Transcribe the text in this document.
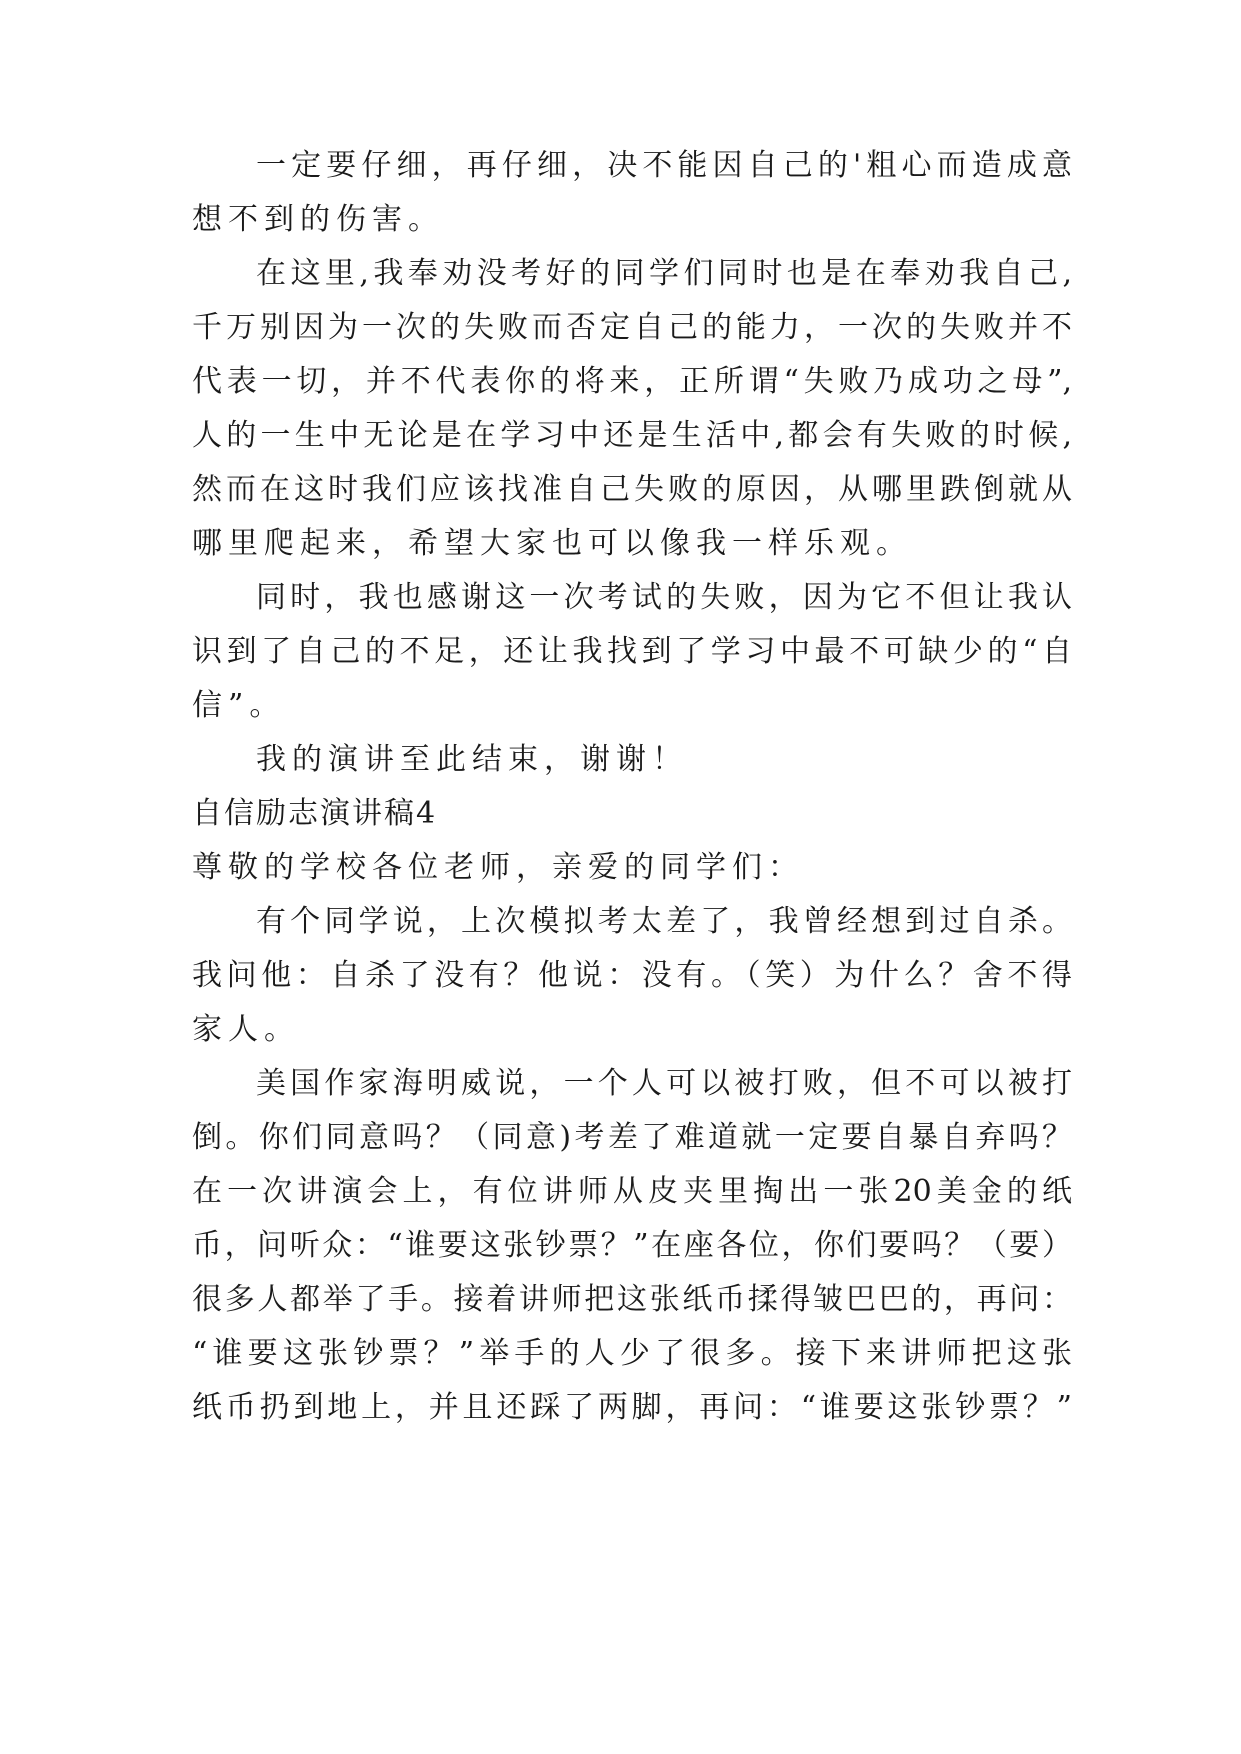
一定要仔细，再仔细，决不能因自己的'粗心而造成意
想不到的伤害。
在这里,我奉劝没考好的同学们同时也是在奉劝我自己,
千万别因为一次的失败而否定自己的能力，一次的失败并不
代表一切，并不代表你的将来，正所谓“失败乃成功之母”,
人的一生中无论是在学习中还是生活中,都会有失败的时候,
然而在这时我们应该找准自己失败的原因，从哪里跌倒就从
哪里爬起来，希望大家也可以像我一样乐观。
同时，我也感谢这一次考试的失败，因为它不但让我认
识到了自己的不足，还让我找到了学习中最不可缺少的“自
信”。
我的演讲至此结束，谢谢！
自信励志演讲稿4
尊敬的学校各位老师，亲爱的同学们：
有个同学说，上次模拟考太差了，我曾经想到过自杀。
我问他：自杀了没有？他说：没有。（笑）为什么？舍不得
家人。
美国作家海明威说，一个人可以被打败，但不可以被打
倒。你们同意吗？（同意)考差了难道就一定要自暴自弃吗？
在一次讲演会上，有位讲师从皮夹里掏出一张20美金的纸
币，问听众：“谁要这张钞票？”在座各位，你们要吗？（要）
很多人都举了手。接着讲师把这张纸币揉得皱巴巴的，再问：
“谁要这张钞票？”举手的人少了很多。接下来讲师把这张
纸币扔到地上，并且还踩了两脚，再问：“谁要这张钞票？”
